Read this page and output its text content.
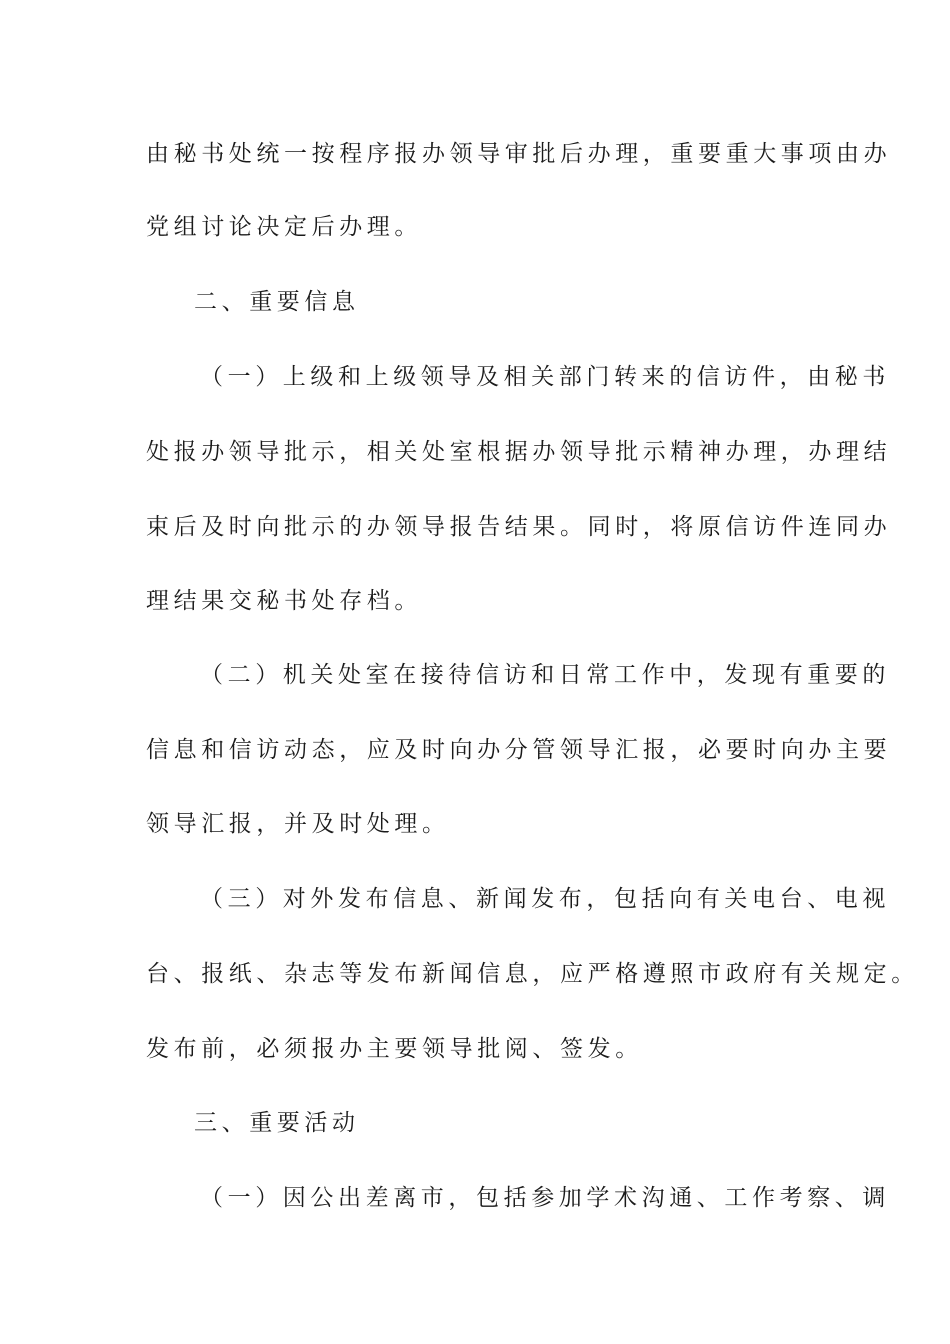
由秘书处统一按程序报办领导审批后办理，重要重大事项由办
党组讨论决定后办理。
二、重要信息
（一）上级和上级领导及相关部门转来的信访件，由秘书
处报办领导批示，相关处室根据办领导批示精神办理，办理结
束后及时向批示的办领导报告结果。同时，将原信访件连同办
理结果交秘书处存档。
（二）机关处室在接待信访和日常工作中，发现有重要的
信息和信访动态，应及时向办分管领导汇报，必要时向办主要
领导汇报，并及时处理。
（三）对外发布信息、新闻发布，包括向有关电台、电视
台、报纸、杂志等发布新闻信息，应严格遵照市政府有关规定。
发布前，必须报办主要领导批阅、签发。
三、重要活动
（一）因公出差离市，包括参加学术沟通、工作考察、调
